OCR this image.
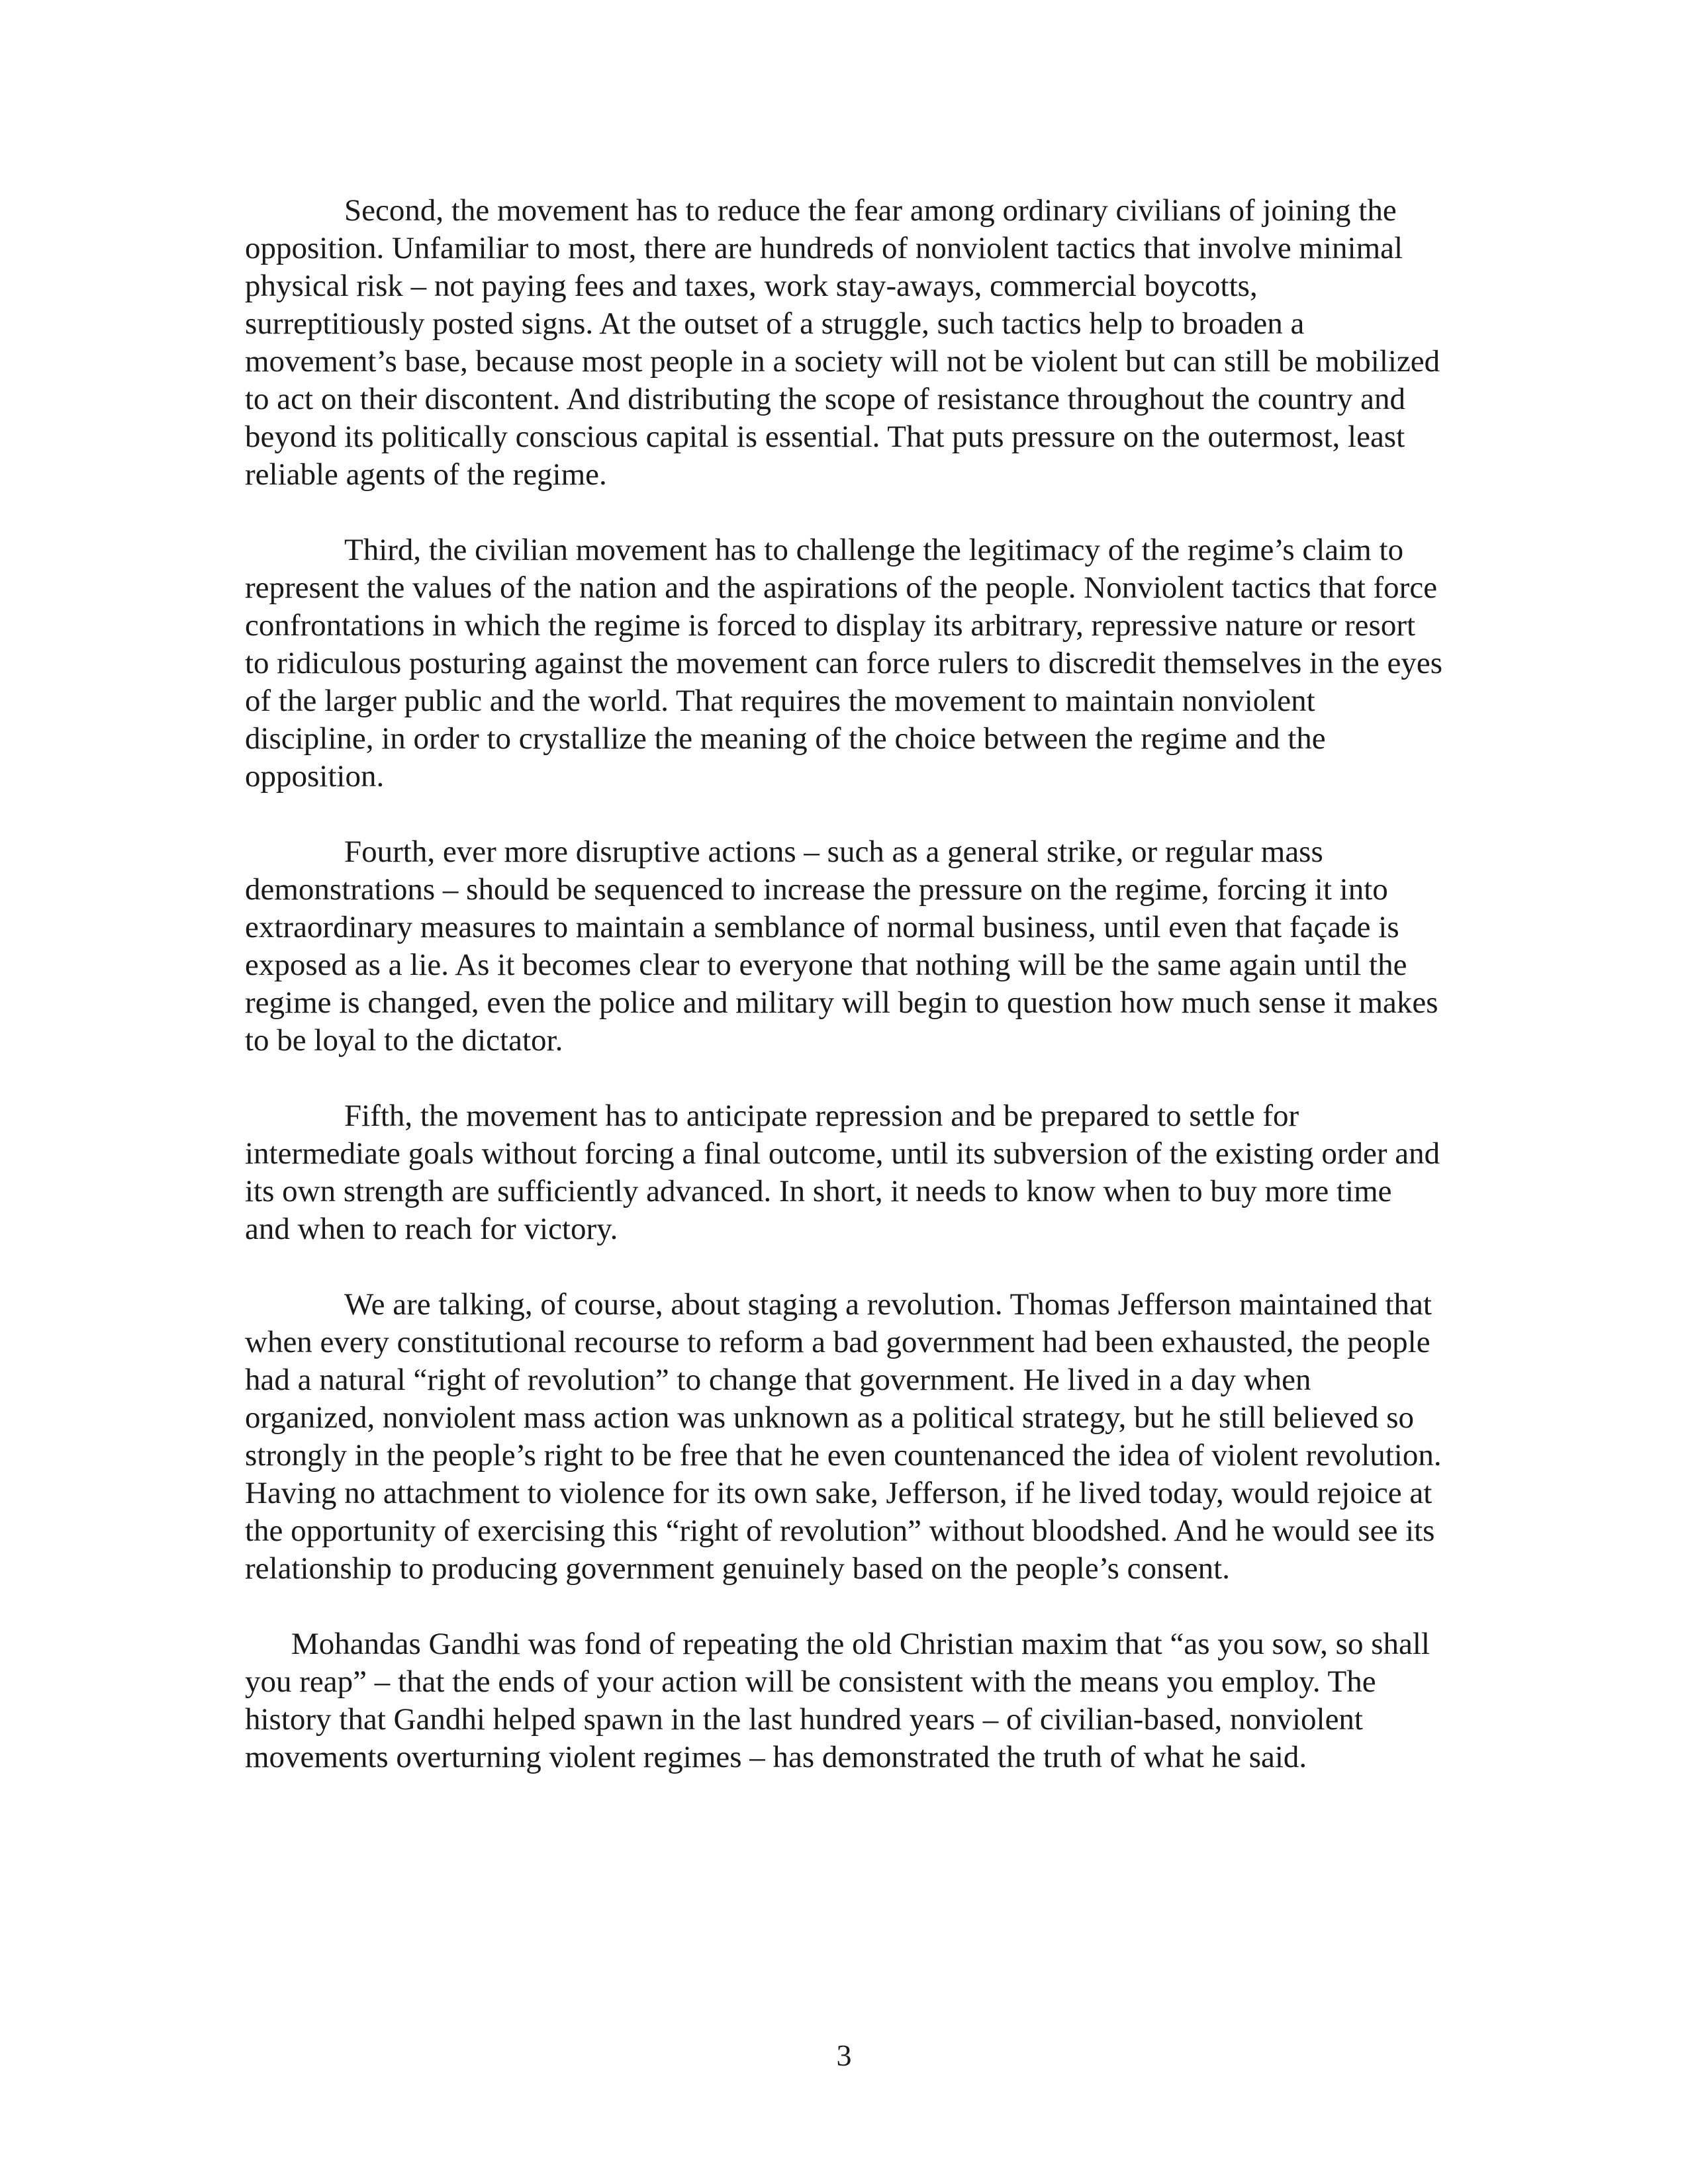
Second, the movement has to reduce the fear among ordinary civilians of joining the opposition. Unfamiliar to most, there are hundreds of nonviolent tactics that involve minimal physical risk – not paying fees and taxes, work stay-aways, commercial boycotts, surreptitiously posted signs. At the outset of a struggle, such tactics help to broaden a movement’s base, because most people in a society will not be violent but can still be mobilized to act on their discontent. And distributing the scope of resistance throughout the country and beyond its politically conscious capital is essential. That puts pressure on the outermost, least reliable agents of the regime.

Third, the civilian movement has to challenge the legitimacy of the regime’s claim to represent the values of the nation and the aspirations of the people. Nonviolent tactics that force confrontations in which the regime is forced to display its arbitrary, repressive nature or resort to ridiculous posturing against the movement can force rulers to discredit themselves in the eyes of the larger public and the world. That requires the movement to maintain nonviolent discipline, in order to crystallize the meaning of the choice between the regime and the opposition.

Fourth, ever more disruptive actions – such as a general strike, or regular mass demonstrations – should be sequenced to increase the pressure on the regime, forcing it into extraordinary measures to maintain a semblance of normal business, until even that façade is exposed as a lie. As it becomes clear to everyone that nothing will be the same again until the regime is changed, even the police and military will begin to question how much sense it makes to be loyal to the dictator.

Fifth, the movement has to anticipate repression and be prepared to settle for intermediate goals without forcing a final outcome, until its subversion of the existing order and its own strength are sufficiently advanced. In short, it needs to know when to buy more time and when to reach for victory.

We are talking, of course, about staging a revolution. Thomas Jefferson maintained that when every constitutional recourse to reform a bad government had been exhausted, the people had a natural “right of revolution” to change that government. He lived in a day when organized, nonviolent mass action was unknown as a political strategy, but he still believed so strongly in the people’s right to be free that he even countenanced the idea of violent revolution. Having no attachment to violence for its own sake, Jefferson, if he lived today, would rejoice at the opportunity of exercising this “right of revolution” without bloodshed. And he would see its relationship to producing government genuinely based on the people’s consent.

Mohandas Gandhi was fond of repeating the old Christian maxim that “as you sow, so shall you reap” – that the ends of your action will be consistent with the means you employ. The history that Gandhi helped spawn in the last hundred years – of civilian-based, nonviolent movements overturning violent regimes – has demonstrated the truth of what he said.

3
